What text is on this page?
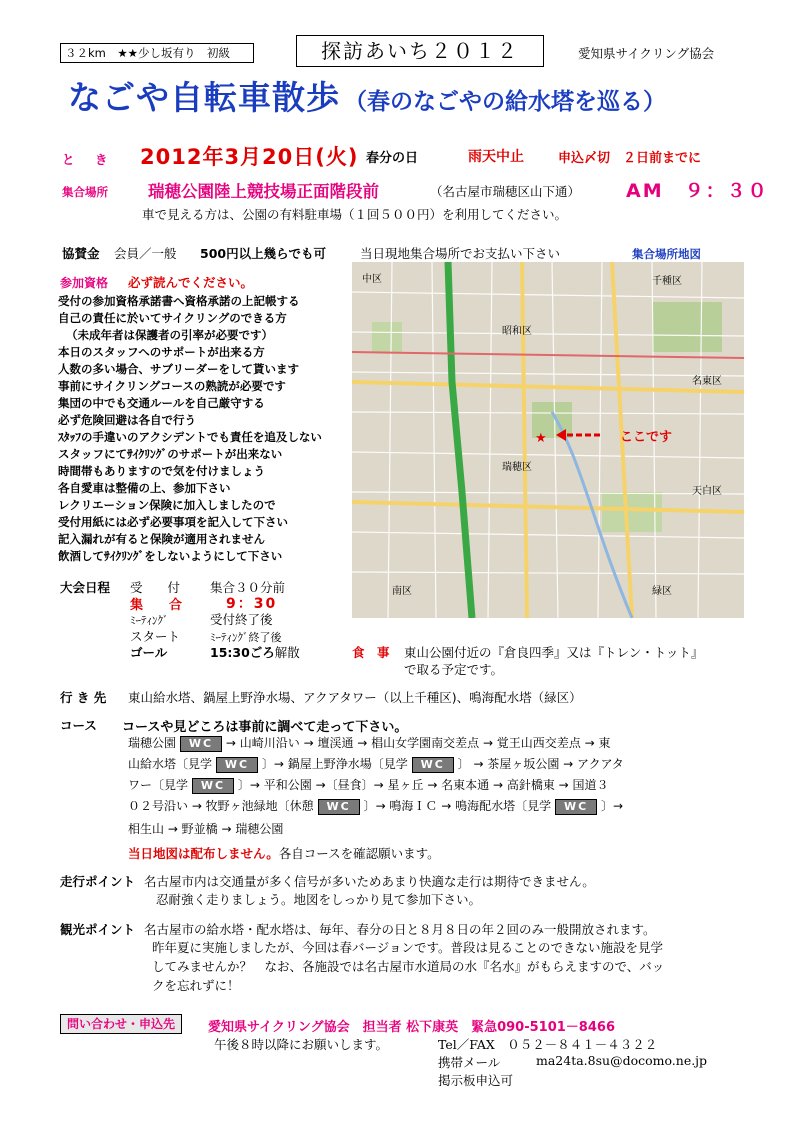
３２km　★★少し坂有り　初級	探訪あいち２０１２	愛知県サイクリング協会
なごや自転車散歩 （春のなごやの給水塔を巡る）
と　き 2012年3月20日(火) 春分の日	雨天中止	申込〆切　２日前までに
集合場所 瑞穂公園陸上競技場正面階段前	（名古屋市瑞穂区山下通） AM　９：３０
車で見える方は、公園の有料駐車場（１回５００円）を利用してください。
協賛金 会員／一般 500円以上幾らでも可	当日現地集合場所でお支払い下さい	集合場所地図
参加資格 必ず読んでください。
受付の参加資格承諾書へ資格承諾の上記帳する
自己の責任に於いてサイクリングのできる方
（未成年者は保護者の引率が必要です）
本日のスタッフへのサポートが出来る方
人数の多い場合、サブリーダーをして貰います
事前にサイクリングコースの熟読が必要です
集団の中でも交通ルールを自己厳守する
必ず危険回避は各自で行う
ｽﾀｯﾌの手違いのアクシデントでも責任を追及しない
スタッフにてｻｲｸﾘﾝｸﾞのサポートが出来ない
時間帯もありますので気を付けましょう
各自愛車は整備の上、参加下さい
レクリエーション保険に加入しましたので
受付用紙には必ず必要事項を記入して下さい
記入漏れが有ると保険が適用されません
飲酒してｻｲｸﾘﾝｸﾞをしないようにして下さい
★
中区
昭和区
千種区
瑞穂区
天白区
緑区
南区
名東区
ここです
大会日程 受　　付 集合３０分前
集　　合	9：30
ﾐｰﾃｨﾝｸﾞ	受付終了後
スタート	ﾐｰﾃｨﾝｸﾞ終了後
ゴール	15:30ごろ解散	食　事 東山公園付近の『倉良四季』又は『トレン・トット』
で取る予定です。
行 き 先 東山給水塔、鍋屋上野浄水場、アクアタワー（以上千種区)、鳴海配水塔（緑区）
コース コースや見どころは事前に調べて走って下さい。
瑞穂公園 WC → 山崎川沿い → 壇渓通 → 椙山女学園南交差点 → 覚王山西交差点 → 東
山給水塔〔見学 WC 〕→ 鍋屋上野浄水場〔見学 WC 〕 → 茶屋ヶ坂公園 → アクアタ
ワー〔見学 WC 〕→ 平和公園 →〔昼食〕→ 星ヶ丘 → 名東本通 → 高針橋東 → 国道３
０２号沿い → 牧野ヶ池緑地〔休憩 WC 〕→ 鳴海ＩＣ → 鳴海配水塔〔見学 WC 〕→
相生山 → 野並橋 → 瑞穂公園
当日地図は配布しません。各自コースを確認願います。
走行ポイント 名古屋市内は交通量が多く信号が多いためあまり快適な走行は期待できません。
忍耐強く走りましょう。地図をしっかり見て参加下さい。
観光ポイント 名古屋市の給水塔・配水塔は、毎年、春分の日と８月８日の年２回のみ一般開放されます。
昨年夏に実施しましたが、今回は春バージョンです。普段は見ることのできない施設を見学
してみませんか？　なお、各施設では名古屋市水道局の水『名水』がもらえますので、バッ
クを忘れずに！
問い合わせ・申込先	愛知県サイクリング協会　担当者 松下康英　緊急090-5101－8466
午後８時以降にお願いします。	Tel／FAX　０５２－８４１－４３２２
携帯メール	ma24ta.8su@docomo.ne.jp
掲示板申込可
